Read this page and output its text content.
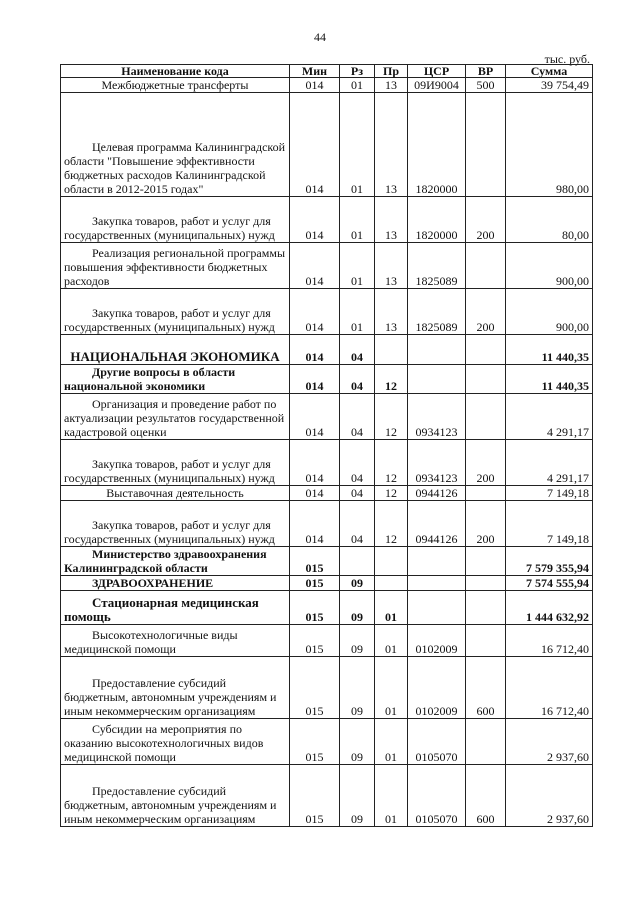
44
тыс. руб.
Наименование кода	Мин	Рз	Пр	ЦСР	ВР	Сумма
Межбюджетные трансферты	014	01	13	09И9004	500	39 754,49
Целевая программа Калининградской области "Повышение эффективности бюджетных расходов Калининградской области в 2012-2015 годах"	014	01	13	1820000		980,00
Закупка товаров, работ и услуг для государственных (муниципальных) нужд	014	01	13	1820000	200	80,00
Реализация региональной программы повышения эффективности бюджетных расходов	014	01	13	1825089		900,00
Закупка товаров, работ и услуг для государственных (муниципальных) нужд	014	01	13	1825089	200	900,00
НАЦИОНАЛЬНАЯ ЭКОНОМИКА	014	04				11 440,35
Другие вопросы в области национальной экономики	014	04	12			11 440,35
Организация и проведение работ по актуализации результатов государственной кадастровой оценки	014	04	12	0934123		4 291,17
Закупка товаров, работ и услуг для государственных (муниципальных) нужд	014	04	12	0934123	200	4 291,17
Выставочная деятельность	014	04	12	0944126		7 149,18
Закупка товаров, работ и услуг для государственных (муниципальных) нужд	014	04	12	0944126	200	7 149,18
Министерство здравоохранения Калининградской области	015					7 579 355,94
ЗДРАВООХРАНЕНИЕ	015	09				7 574 555,94
Стационарная медицинская помощь	015	09	01			1 444 632,92
Высокотехнологичные виды медицинской помощи	015	09	01	0102009		16 712,40
Предоставление субсидий бюджетным, автономным учреждениям и иным некоммерческим организациям	015	09	01	0102009	600	16 712,40
Субсидии на мероприятия по оказанию высокотехнологичных видов медицинской помощи	015	09	01	0105070		2 937,60
Предоставление субсидий бюджетным, автономным учреждениям и иным некоммерческим организациям	015	09	01	0105070	600	2 937,60
